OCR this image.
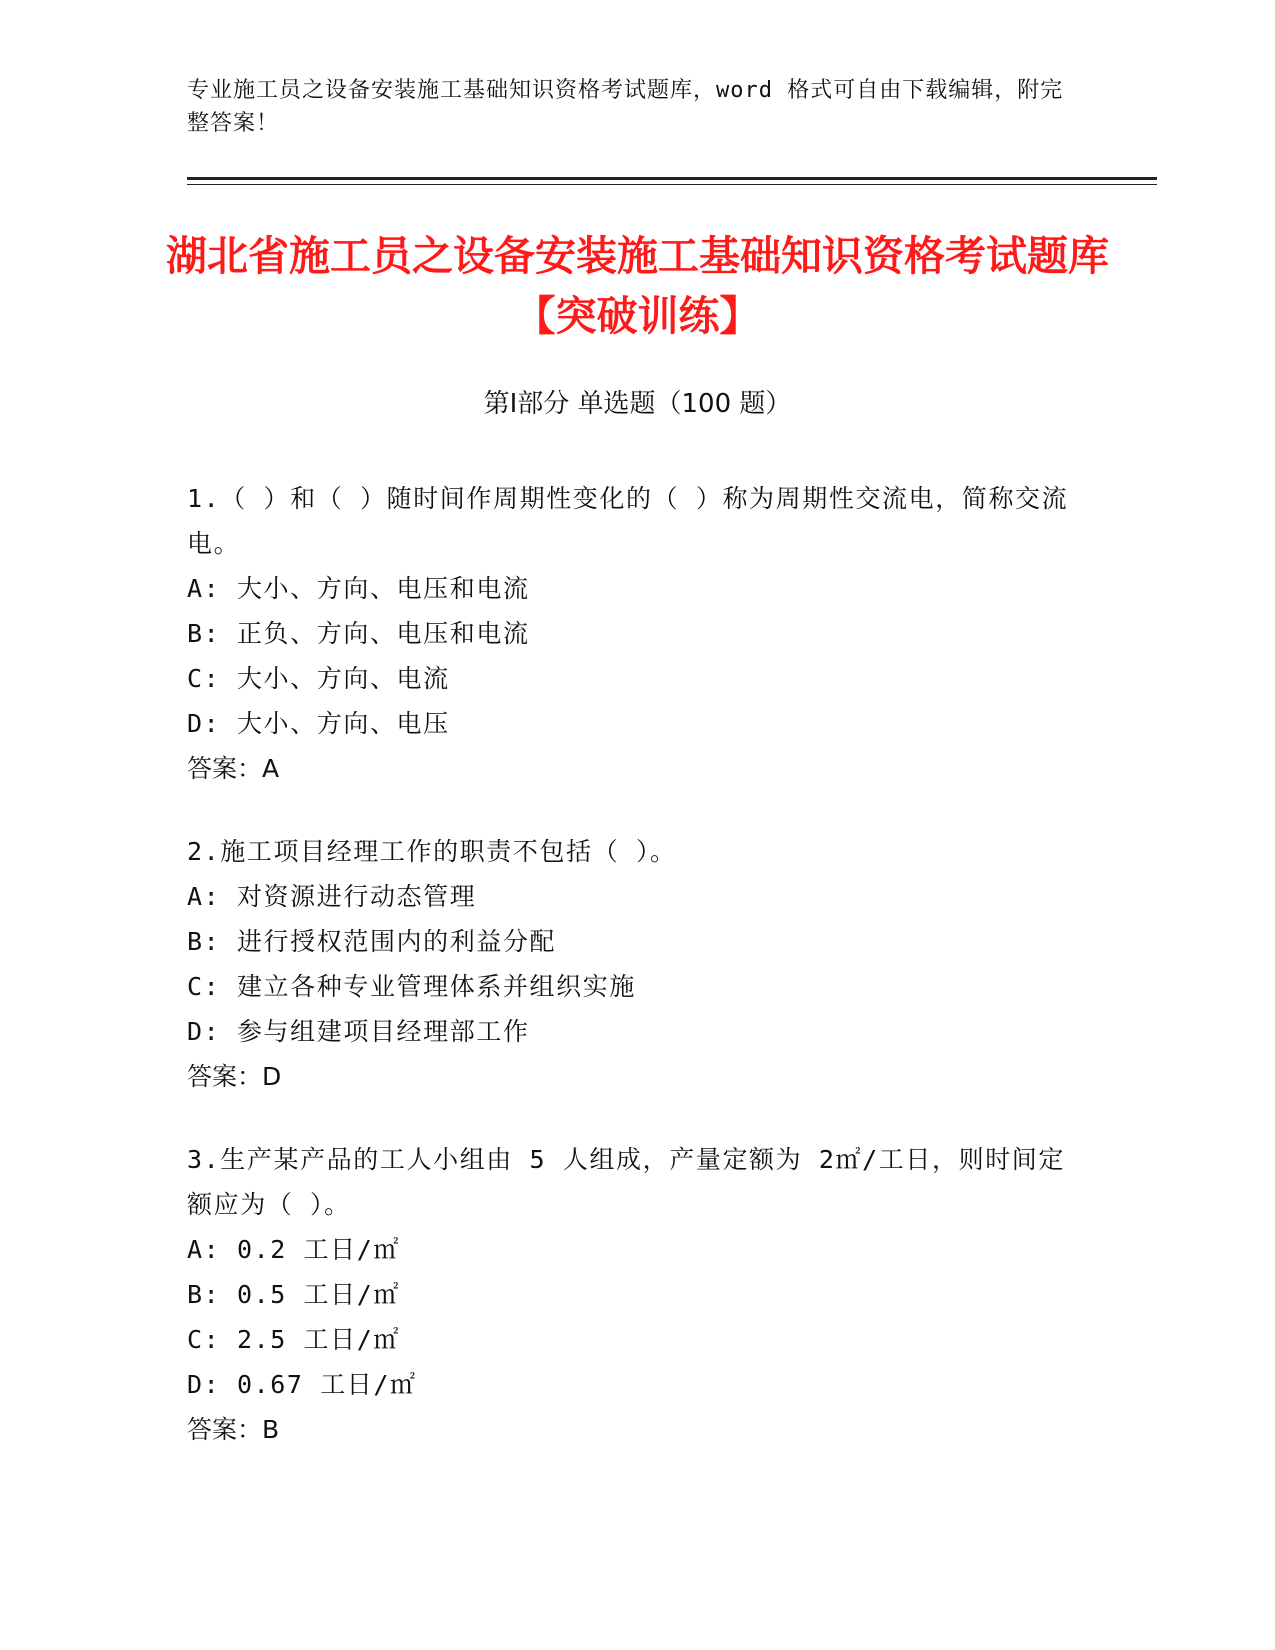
专业施工员之设备安装施工基础知识资格考试题库，word 格式可自由下载编辑，附完整答案！
湖北省施工员之设备安装施工基础知识资格考试题库【突破训练】
第Ⅰ部分 单选题（100 题）
1.（ ）和（ ）随时间作周期性变化的（ ）称为周期性交流电，简称交流电。
A: 大小、方向、电压和电流
B: 正负、方向、电压和电流
C: 大小、方向、电流
D: 大小、方向、电压
答案：A
2.施工项目经理工作的职责不包括（ ）。
A: 对资源进行动态管理
B: 进行授权范围内的利益分配
C: 建立各种专业管理体系并组织实施
D: 参与组建项目经理部工作
答案：D
3.生产某产品的工人小组由 5 人组成，产量定额为 2㎡/工日，则时间定额应为（ ）。
A: 0.2 工日/㎡
B: 0.5 工日/㎡
C: 2.5 工日/㎡
D: 0.67 工日/㎡
答案：B
